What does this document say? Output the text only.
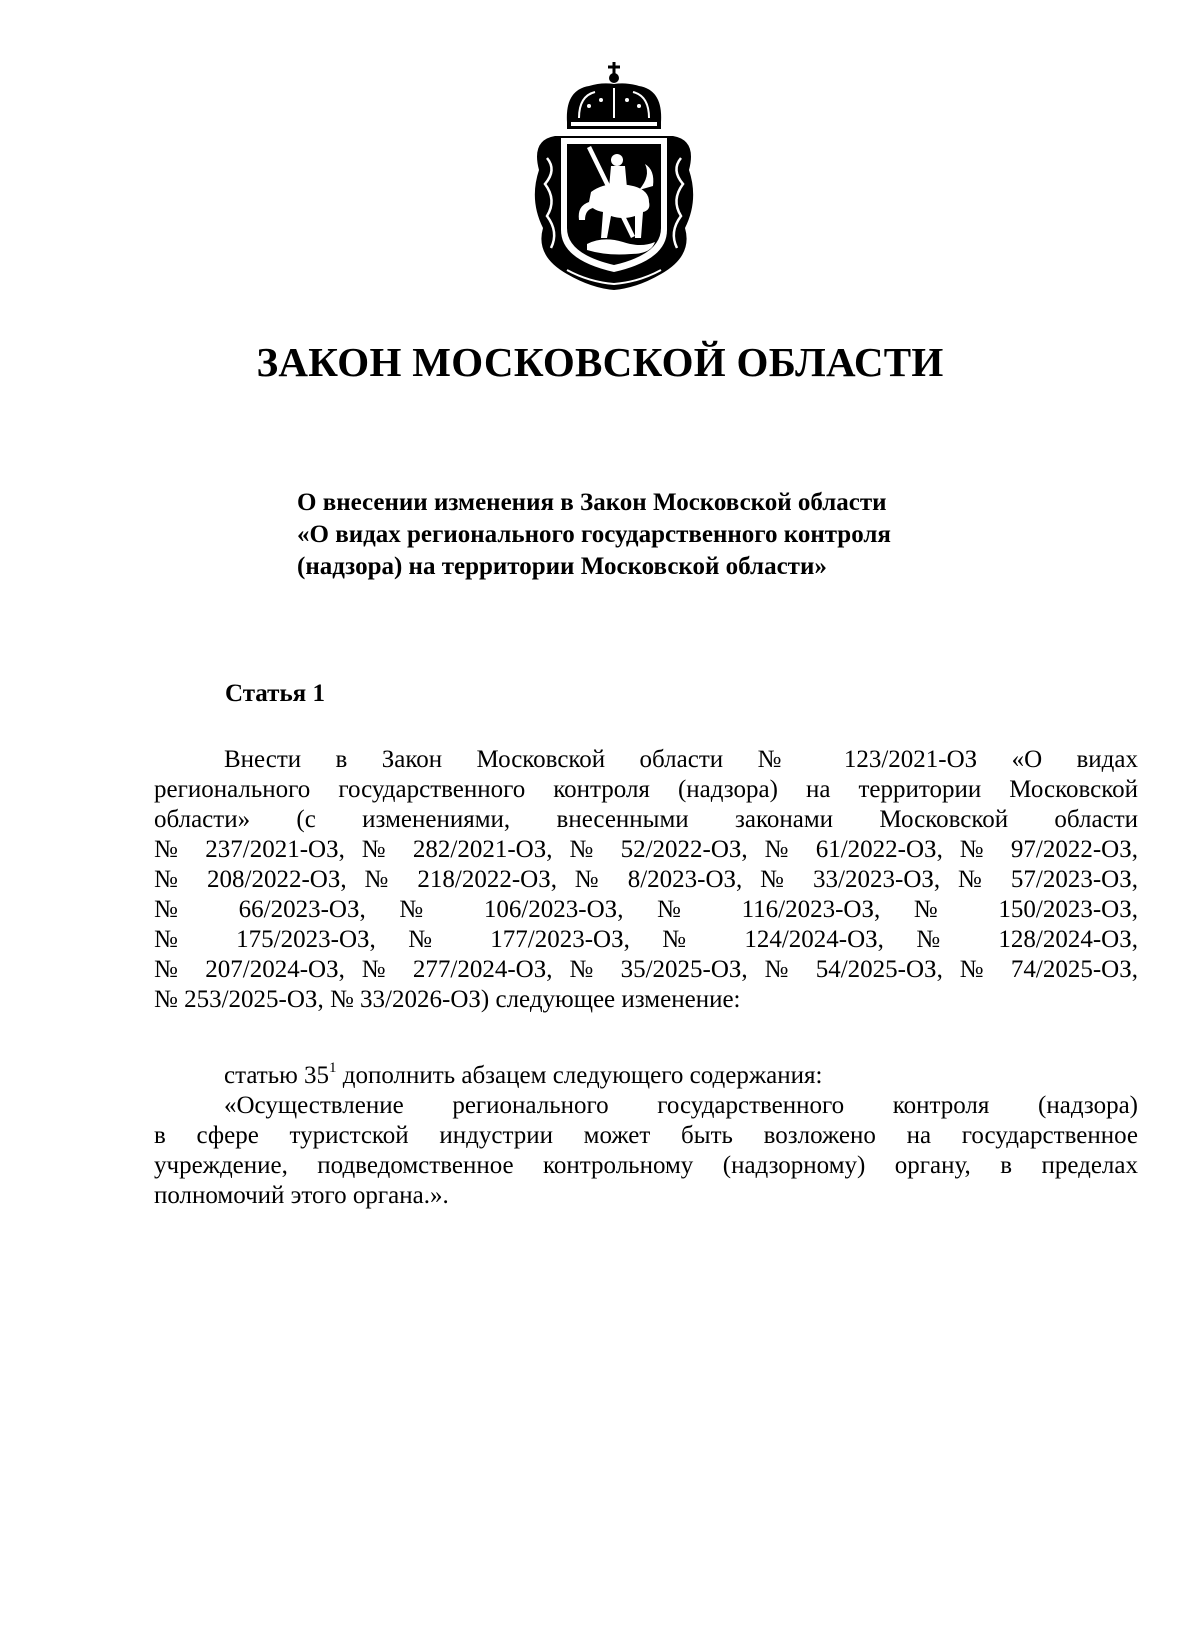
ЗАКОН МОСКОВСКОЙ ОБЛАСТИ
О внесении изменения в Закон Московской области
«О видах регионального государственного контроля
(надзора) на территории Московской области»
Статья 1
Внести в Закон Московской области № 123/2021-ОЗ «О видах
регионального государственного контроля (надзора) на территории Московской
области» (с изменениями, внесенными законами Московской области
№ 237/2021-ОЗ, № 282/2021-ОЗ, № 52/2022-ОЗ, № 61/2022-ОЗ, № 97/2022-ОЗ,
№ 208/2022-ОЗ, № 218/2022-ОЗ, № 8/2023-ОЗ, № 33/2023-ОЗ, № 57/2023-ОЗ,
№ 66/2023-ОЗ, № 106/2023-ОЗ, № 116/2023-ОЗ, № 150/2023-ОЗ,
№ 175/2023-ОЗ, № 177/2023-ОЗ, № 124/2024-ОЗ, № 128/2024-ОЗ,
№ 207/2024-ОЗ, № 277/2024-ОЗ, № 35/2025-ОЗ, № 54/2025-ОЗ, № 74/2025-ОЗ,
№ 253/2025-ОЗ, № 33/2026-ОЗ) следующее изменение:
статью $35^1$ дополнить абзацем следующего содержания:
«Осуществление регионального государственного контроля (надзора)
в сфере туристской индустрии может быть возложено на государственное
учреждение, подведомственное контрольному (надзорному) органу, в пределах
полномочий этого органа.».
